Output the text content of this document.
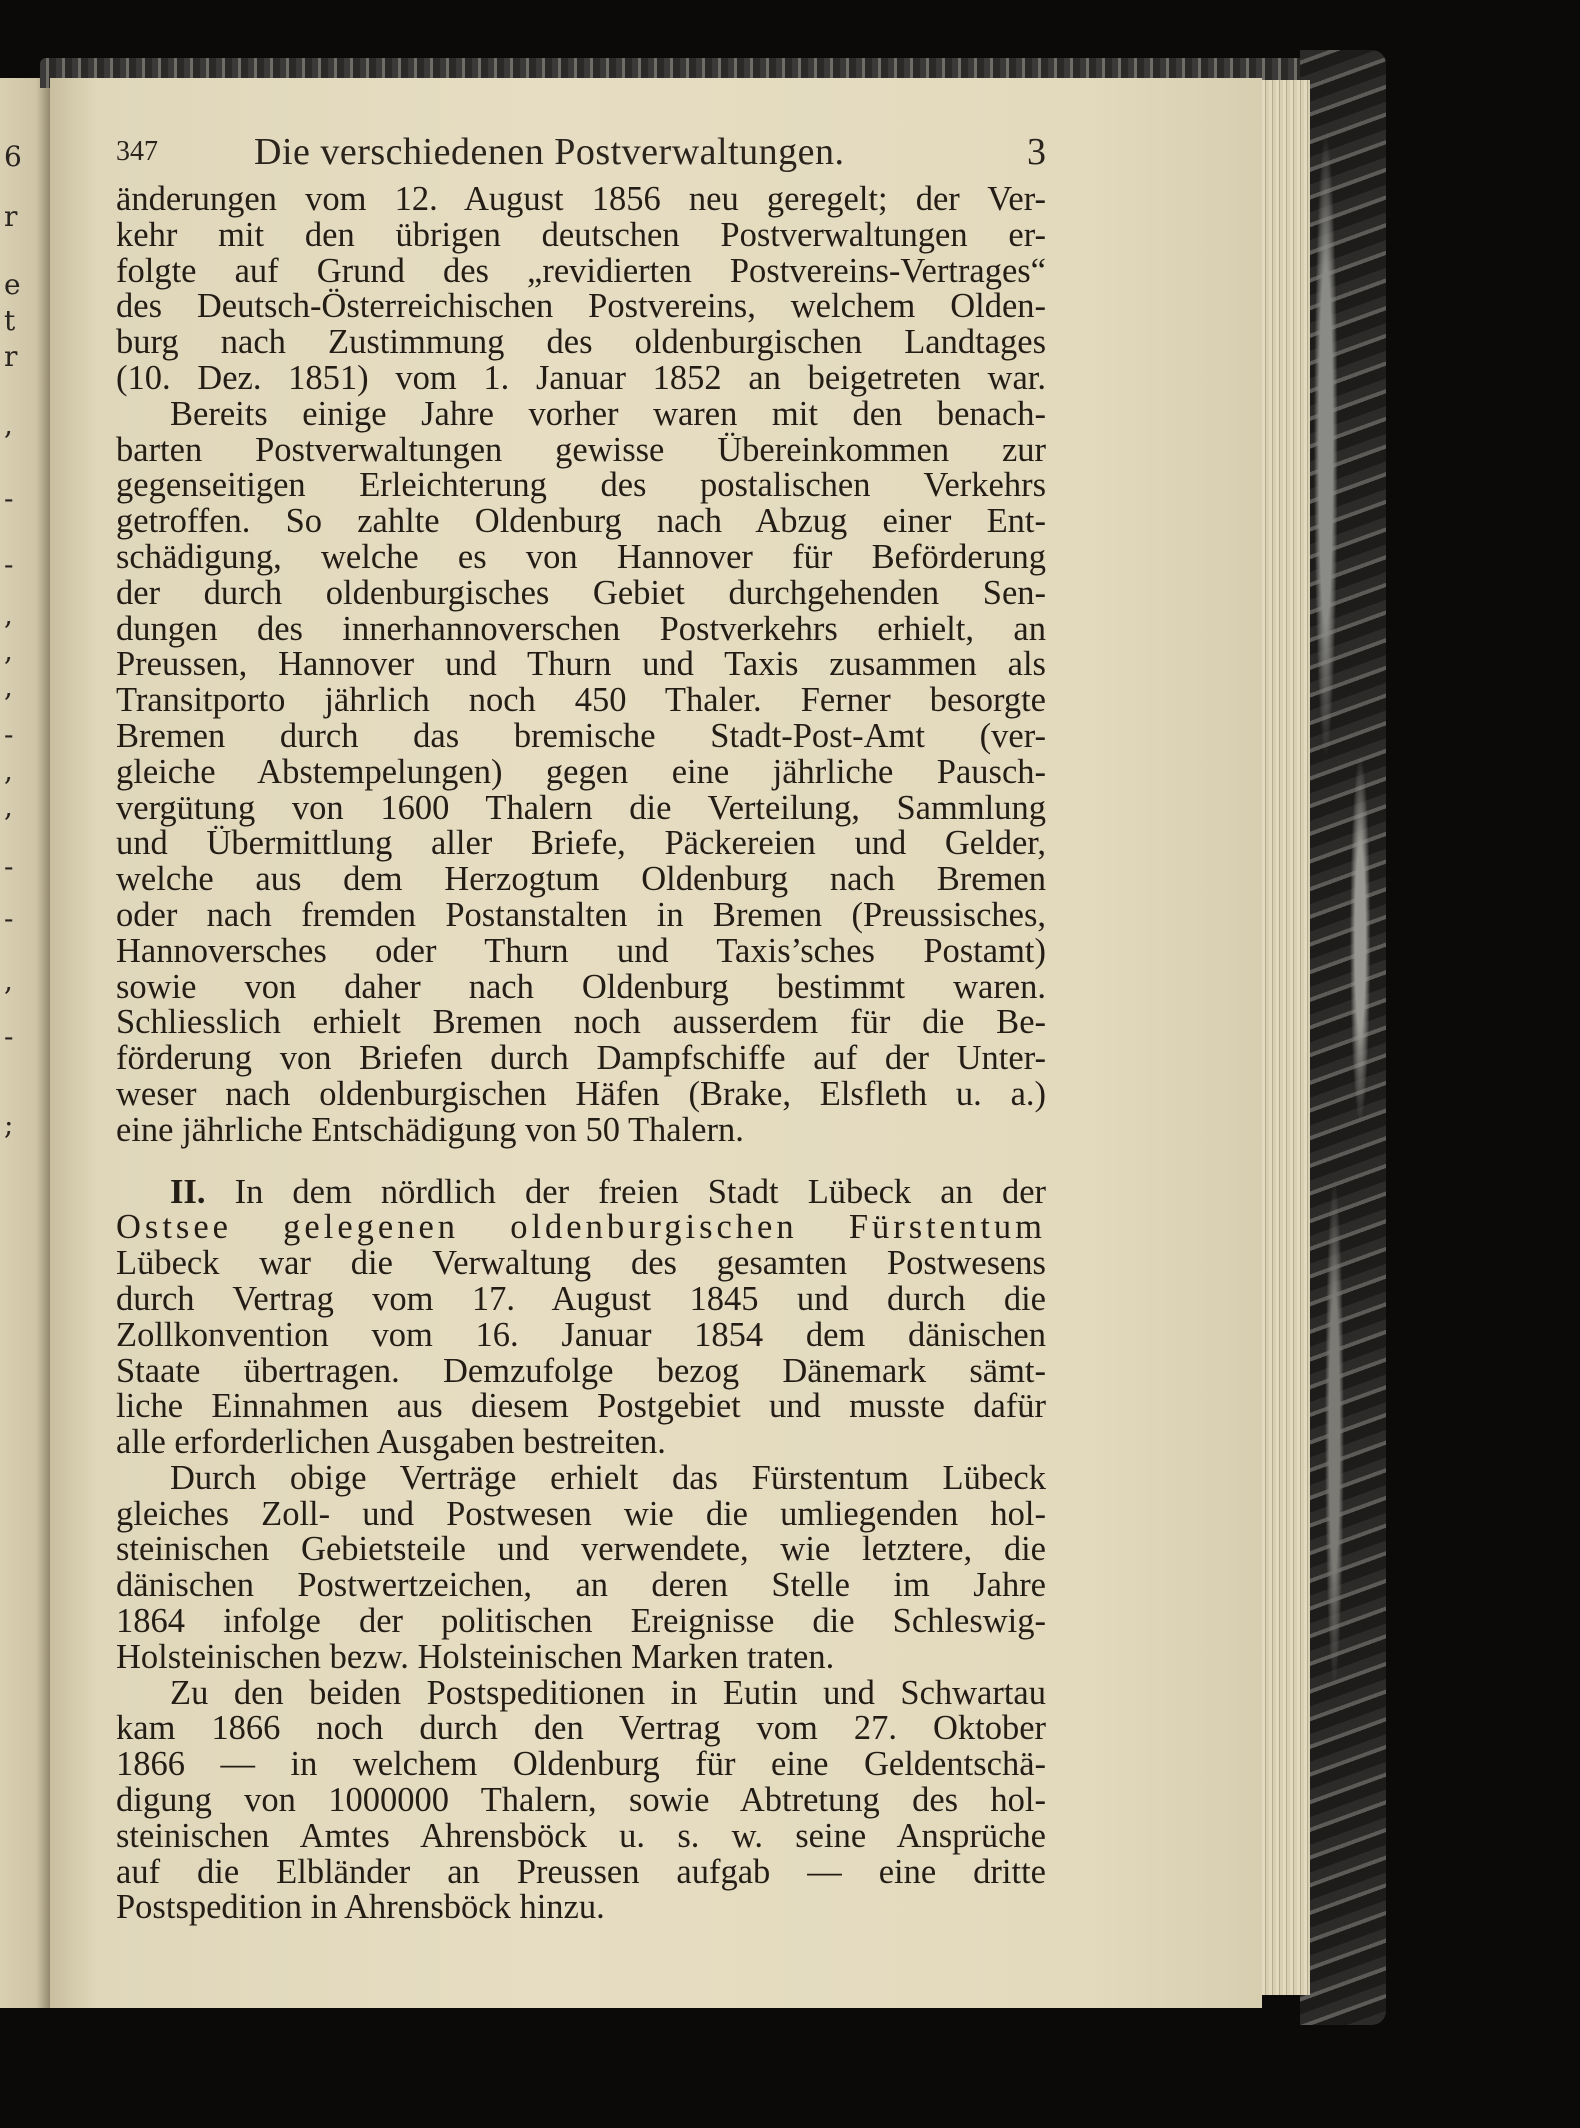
6
r
e
t
r
,
-
-
,
,
,
-
,
,
-
-
,
-
;
347	Die verschiedenen Postverwaltungen.	3
änderungen vom 12. August 1856 neu geregelt; der Ver-
kehr mit den übrigen deutschen Postverwaltungen er-
folgte auf Grund des „revidierten Postvereins-Vertrages“
des Deutsch-Österreichischen Postvereins, welchem Olden-
burg nach Zustimmung des oldenburgischen Landtages
(10. Dez. 1851) vom 1. Januar 1852 an beigetreten war.
Bereits einige Jahre vorher waren mit den benach-
barten Postverwaltungen gewisse Übereinkommen zur
gegenseitigen Erleichterung des postalischen Verkehrs
getroffen. So zahlte Oldenburg nach Abzug einer Ent-
schädigung, welche es von Hannover für Beförderung
der durch oldenburgisches Gebiet durchgehenden Sen-
dungen des innerhannoverschen Postverkehrs erhielt, an
Preussen, Hannover und Thurn und Taxis zusammen als
Transitporto jährlich noch 450 Thaler. Ferner besorgte
Bremen durch das bremische Stadt-Post-Amt (ver-
gleiche Abstempelungen) gegen eine jährliche Pausch-
vergütung von 1600 Thalern die Verteilung, Sammlung
und Übermittlung aller Briefe, Päckereien und Gelder,
welche aus dem Herzogtum Oldenburg nach Bremen
oder nach fremden Postanstalten in Bremen (Preussisches,
Hannoversches oder Thurn und Taxis’sches Postamt)
sowie von daher nach Oldenburg bestimmt waren.
Schliesslich erhielt Bremen noch ausserdem für die Be-
förderung von Briefen durch Dampfschiffe auf der Unter-
weser nach oldenburgischen Häfen (Brake, Elsfleth u. a.)
eine jährliche Entschädigung von 50 Thalern.
II. In dem nördlich der freien Stadt Lübeck an der
Ostsee gelegenen oldenburgischen Fürstentum
Lübeck war die Verwaltung des gesamten Postwesens
durch Vertrag vom 17. August 1845 und durch die
Zollkonvention vom 16. Januar 1854 dem dänischen
Staate übertragen. Demzufolge bezog Dänemark sämt-
liche Einnahmen aus diesem Postgebiet und musste dafür
alle erforderlichen Ausgaben bestreiten.
Durch obige Verträge erhielt das Fürstentum Lübeck
gleiches Zoll- und Postwesen wie die umliegenden hol-
steinischen Gebietsteile und verwendete, wie letztere, die
dänischen Postwertzeichen, an deren Stelle im Jahre
1864 infolge der politischen Ereignisse die Schleswig-
Holsteinischen bezw. Holsteinischen Marken traten.
Zu den beiden Postspeditionen in Eutin und Schwartau
kam 1866 noch durch den Vertrag vom 27. Oktober
1866 — in welchem Oldenburg für eine Geldentschä-
digung von 1000000 Thalern, sowie Abtretung des hol-
steinischen Amtes Ahrensböck u. s. w. seine Ansprüche
auf die Elbländer an Preussen aufgab — eine dritte
Postspedition in Ahrensböck hinzu.
